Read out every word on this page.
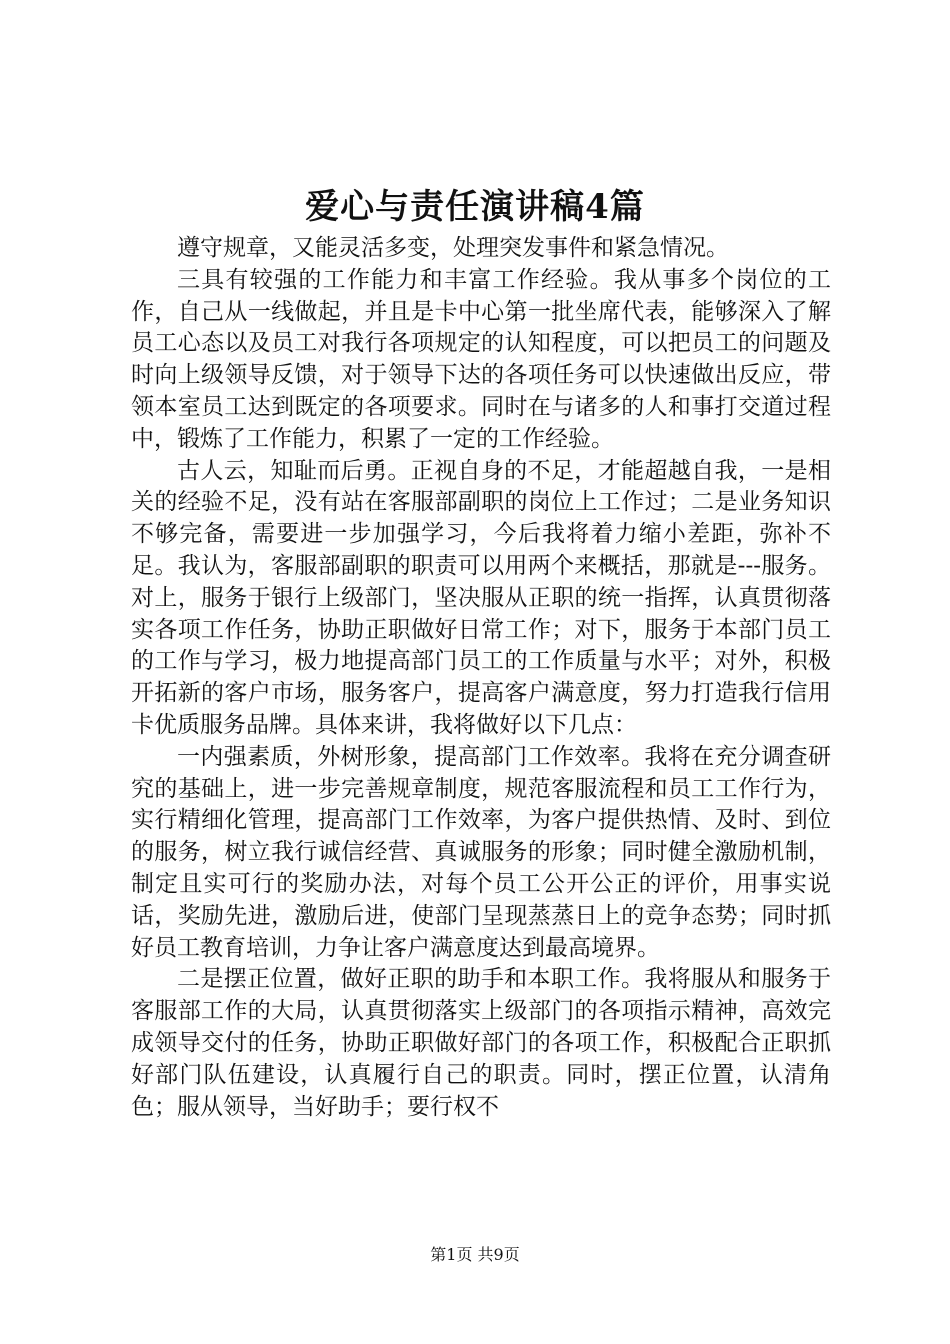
爱心与责任演讲稿4篇

遵守规章，又能灵活多变，处理突发事件和紧急情况。

三具有较强的工作能力和丰富工作经验。我从事多个岗位的工作，自己从一线做起，并且是卡中心第一批坐席代表，能够深入了解员工心态以及员工对我行各项规定的认知程度，可以把员工的问题及时向上级领导反馈，对于领导下达的各项任务可以快速做出反应，带领本室员工达到既定的各项要求。同时在与诸多的人和事打交道过程中，锻炼了工作能力，积累了一定的工作经验。

古人云，知耻而后勇。正视自身的不足，才能超越自我，一是相关的经验不足，没有站在客服部副职的岗位上工作过；二是业务知识不够完备，需要进一步加强学习，今后我将着力缩小差距，弥补不足。我认为，客服部副职的职责可以用两个来概括，那就是---服务。对上，服务于银行上级部门，坚决服从正职的统一指挥，认真贯彻落实各项工作任务，协助正职做好日常工作；对下，服务于本部门员工的工作与学习，极力地提高部门员工的工作质量与水平；对外，积极开拓新的客户市场，服务客户，提高客户满意度，努力打造我行信用卡优质服务品牌。具体来讲，我将做好以下几点：

一内强素质，外树形象，提高部门工作效率。我将在充分调查研究的基础上，进一步完善规章制度，规范客服流程和员工工作行为，实行精细化管理，提高部门工作效率，为客户提供热情、及时、到位的服务，树立我行诚信经营、真诚服务的形象；同时健全激励机制，制定且实可行的奖励办法，对每个员工公开公正的评价，用事实说话，奖励先进，激励后进，使部门呈现蒸蒸日上的竞争态势；同时抓好员工教育培训，力争让客户满意度达到最高境界。

二是摆正位置，做好正职的助手和本职工作。我将服从和服务于客服部工作的大局，认真贯彻落实上级部门的各项指示精神，高效完成领导交付的任务，协助正职做好部门的各项工作，积极配合正职抓好部门队伍建设，认真履行自己的职责。同时，摆正位置，认清角色；服从领导，当好助手；要行权不

第1页 共9页
